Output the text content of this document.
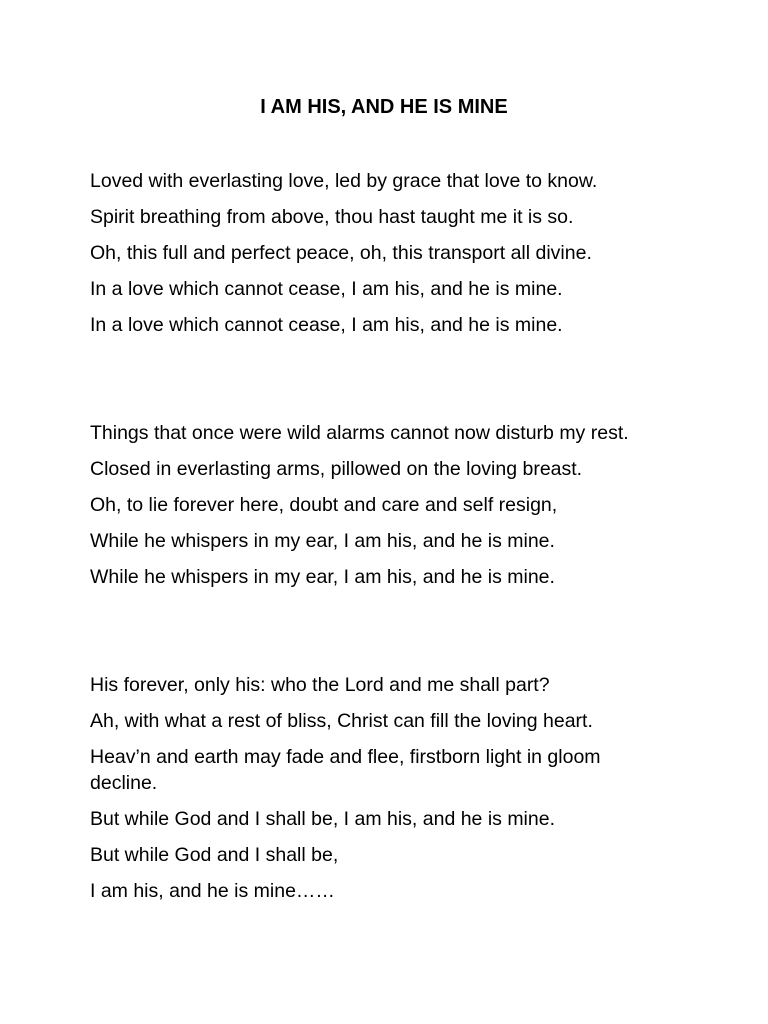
I AM HIS, AND HE IS MINE
Loved with everlasting love, led by grace that love to know.
Spirit breathing from above, thou hast taught me it is so.
Oh, this full and perfect peace, oh, this transport all divine.
In a love which cannot cease, I am his, and he is mine.
In a love which cannot cease, I am his, and he is mine.
Things that once were wild alarms cannot now disturb my rest.
Closed in everlasting arms, pillowed on the loving breast.
Oh, to lie forever here, doubt and care and self resign,
While he whispers in my ear, I am his, and he is mine.
While he whispers in my ear, I am his, and he is mine.
His forever, only his: who the Lord and me shall part?
Ah, with what a rest of bliss, Christ can fill the loving heart.
Heav’n and earth may fade and flee, firstborn light in gloom decline.
But while God and I shall be, I am his, and he is mine.
But while God and I shall be,
I am his, and he is mine……
